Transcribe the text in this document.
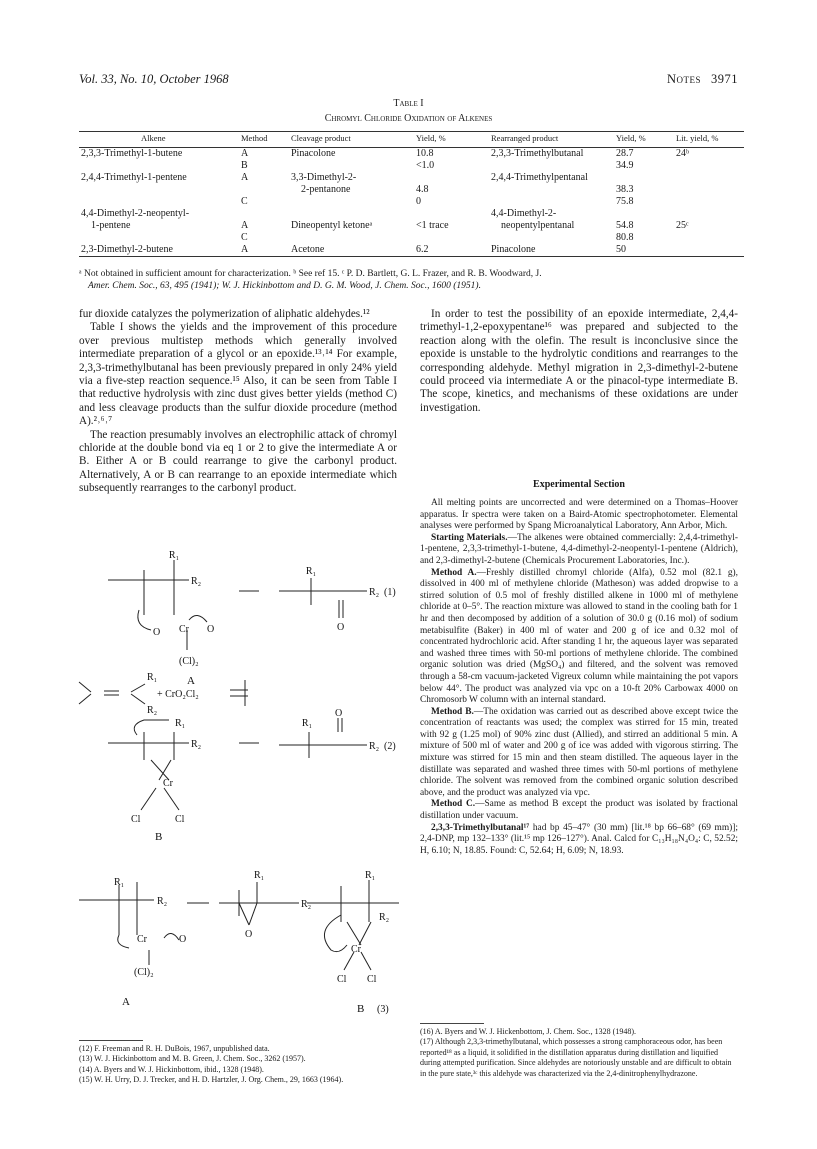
Vol. 33, No. 10, October 1968	Notes 3971
Table I
Chromyl Chloride Oxidation of Alkenes
Alkene	Method	Cleavage product	Yield, %	Rearranged product	Yield, %	Lit. yield, %
2,3,3-Trimethyl-1-butene	A	Pinacolone	10.8	2,3,3-Trimethylbutanal	28.7	24ᵇ
	B		<1.0		34.9	
2,4,4-Trimethyl-1-pentene	A	3,3-Dimethyl-2-		2,4,4-Trimethylpentanal		
		2-pentanone	4.8		38.3	
	C		0		75.8	
4,4-Dimethyl-2-neopentyl-				4,4-Dimethyl-2-		
1-pentene	A	Dineopentyl ketoneᵃ	<1 trace	neopentylpentanal	54.8	25ᶜ
	C				80.8	
2,3-Dimethyl-2-butene	A	Acetone	6.2	Pinacolone	50	
ᵃ Not obtained in sufficient amount for characterization. ᵇ See ref 15. ᶜ P. D. Bartlett, G. L. Frazer, and R. B. Woodward, J.
Amer. Chem. Soc., 63, 495 (1941); W. J. Hickinbottom and D. G. M. Wood, J. Chem. Soc., 1600 (1951).

fur dioxide catalyzes the polymerization of aliphatic aldehydes.¹²

Table I shows the yields and the improvement of this procedure over previous multistep methods which generally involved intermediate preparation of a glycol or an epoxide.¹³˒¹⁴ For example, 2,3,3-trimethylbutanal has been previously prepared in only 24% yield via a five-step reaction sequence.¹⁵ Also, it can be seen from Table I that reductive hydrolysis with zinc dust gives better yields (method C) and less cleavage products than the sulfur dioxide procedure (method A).²˒⁶˒⁷

The reaction presumably involves an electrophilic attack of chromyl chloride at the double bond via eq 1 or 2 to give the intermediate A or B. Either A or B could rearrange to give the carbonyl product. Alternatively, A or B can rearrange to an epoxide intermediate which subsequently rearranges to the carbonyl product.

R₁
R₂
O Cr O
(Cl)₂
A
R₁
R₂
O
(1)
R₁
R₂
+ CrO₂Cl₂
R₁
R₂
Cr
Cl	Cl
B
R₁
R₂
O
(2)
R₁
R₂
Cr	O
(Cl)₂
A
R₁
R₂
O
R₁
R₂
Cr
Cl Cl
B (3)

In order to test the possibility of an epoxide intermediate, 2,4,4-trimethyl-1,2-epoxypentane¹⁶ was prepared and subjected to the reaction along with the olefin. The result is inconclusive since the epoxide is unstable to the hydrolytic conditions and rearranges to the corresponding aldehyde. Methyl migration in 2,3-dimethyl-2-butene could proceed via intermediate A or the pinacol-type intermediate B. The scope, kinetics, and mechanisms of these oxidations are under investigation.

Experimental Section

All melting points are uncorrected and were determined on a Thomas–Hoover apparatus. Ir spectra were taken on a Baird-Atomic spectrophotometer. Elemental analyses were performed by Spang Microanalytical Laboratory, Ann Arbor, Mich.

Starting Materials.—The alkenes were obtained commercially: 2,4,4-trimethyl-1-pentene, 2,3,3-trimethyl-1-butene, 4,4-dimethyl-2-neopentyl-1-pentene (Aldrich), and 2,3-dimethyl-2-butene (Chemicals Procurement Laboratories, Inc.).

Method A.—Freshly distilled chromyl chloride (Alfa), 0.52 mol (82.1 g), dissolved in 400 ml of methylene chloride (Matheson) was added dropwise to a stirred solution of 0.5 mol of freshly distilled alkene in 1000 ml of methylene chloride at 0–5°. The reaction mixture was allowed to stand in the cooling bath for 1 hr and then decomposed by addition of a solution of 30.0 g (0.16 mol) of sodium metabisulfite (Baker) in 400 ml of water and 200 g of ice and 0.32 mol of concentrated hydrochloric acid. After standing 1 hr, the aqueous layer was separated and washed three times with 50-ml portions of methylene chloride. The combined organic solution was dried (MgSO₄) and filtered, and the solvent was removed through a 58-cm vacuum-jacketed Vigreux column while maintaining the pot vapors below 44°. The product was analyzed via vpc on a 10-ft 20% Carbowax 4000 on Chromosorb W column with an internal standard.

Method B.—The oxidation was carried out as described above except twice the concentration of reactants was used; the complex was stirred for 15 min, treated with 92 g (1.25 mol) of 90% zinc dust (Allied), and stirred an additional 5 min. A mixture of 500 ml of water and 200 g of ice was added with vigorous stirring. The mixture was stirred for 15 min and then steam distilled. The aqueous layer in the distillate was separated and washed three times with 50-ml portions of methylene chloride. The solvent was removed from the combined organic solution described above, and the product was analyzed via vpc.

Method C.—Same as method B except the product was isolated by fractional distillation under vacuum.

2,3,3-Trimethylbutanal¹⁷ had bp 45–47° (30 mm) [lit.¹⁸ bp 66–68° (69 mm)]; 2,4-DNP, mp 132–133° (lit.¹⁵ mp 126–127°). Anal. Calcd for C₁₃H₁₈N₄O₄: C, 52.52; H, 6.10; N, 18.85. Found: C, 52.64; H, 6.09; N, 18.93.

(12) F. Freeman and R. H. DuBois, 1967, unpublished data.
(13) W. J. Hickinbottom and M. B. Green, J. Chem. Soc., 3262 (1957).
(14) A. Byers and W. J. Hickinbottom, ibid., 1328 (1948).
(15) W. H. Urry, D. J. Trecker, and H. D. Hartzler, J. Org. Chem., 29, 1663 (1964).
(16) A. Byers and W. J. Hickenbottom, J. Chem. Soc., 1328 (1948).
(17) Although 2,3,3-trimethylbutanal, which possesses a strong camphoraceous odor, has been reported¹⁸ as a liquid, it solidified in the distillation apparatus during distillation and liquified during attempted purification. Since aldehydes are notoriously unstable and are difficult to obtain in the pure state,³ᶜ this aldehyde was characterized via the 2,4-dinitrophenylhydrazone.
